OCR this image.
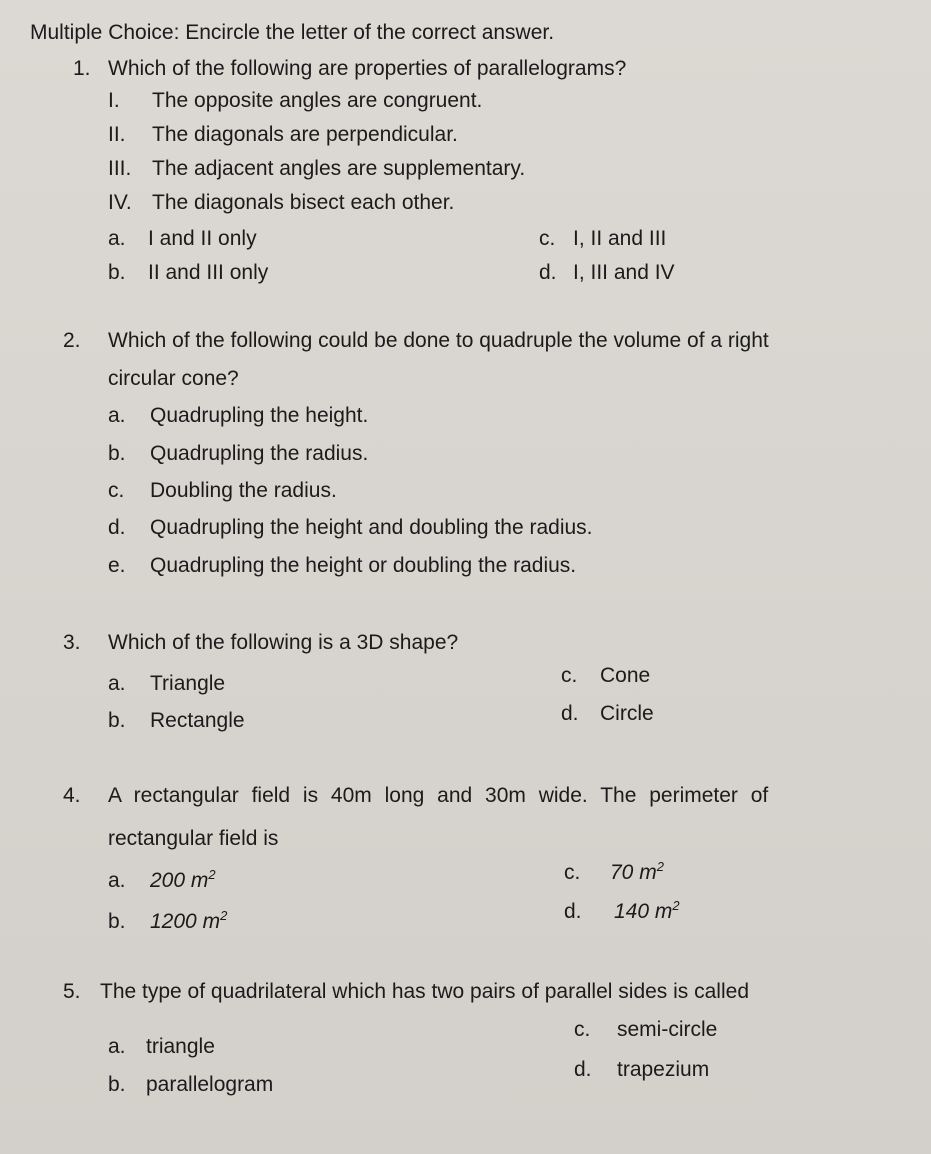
Multiple Choice: Encircle the letter of the correct answer.
1. Which of the following are properties of parallelograms?
I. The opposite angles are congruent.
II. The diagonals are perpendicular.
III. The adjacent angles are supplementary.
IV. The diagonals bisect each other.
a. I and II only
b. II and III only
c. I, II and III
d. I, III and IV
2. Which of the following could be done to quadruple the volume of a right
circular cone?
a. Quadrupling the height.
b. Quadrupling the radius.
c. Doubling the radius.
d. Quadrupling the height and doubling the radius.
e. Quadrupling the height or doubling the radius.
3. Which of the following is a 3D shape?
a. Triangle
b. Rectangle
c. Cone
d. Circle
4. A rectangular field is 40m long and 30m wide. The perimeter of
rectangular field is
a. 200 $m^2$
b. 1200 $m^2$
c. 70 $m^2$
d. 140 $m^2$
5. The type of quadrilateral which has two pairs of parallel sides is called
a. triangle
b. parallelogram
c. semi-circle
d. trapezium
